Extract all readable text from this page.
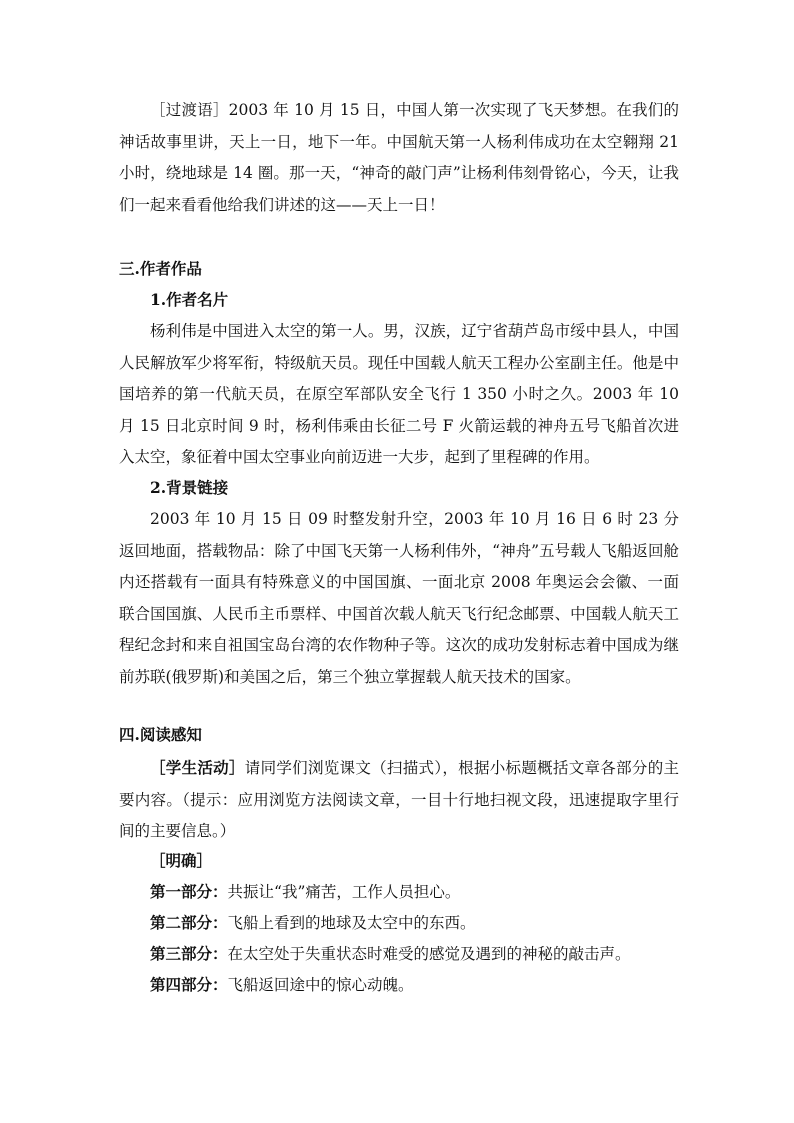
［过渡语］2003 年 10 月 15 日，中国人第一次实现了飞天梦想。在我们的神话故事里讲，天上一日，地下一年。中国航天第一人杨利伟成功在太空翱翔 21 小时，绕地球是 14 圈。那一天，“神奇的敲门声”让杨利伟刻骨铭心，今天，让我们一起来看看他给我们讲述的这——天上一日！
三.作者作品
1.作者名片
杨利伟是中国进入太空的第一人。男，汉族，辽宁省葫芦岛市绥中县人，中国人民解放军少将军衔，特级航天员。现任中国载人航天工程办公室副主任。他是中国培养的第一代航天员，在原空军部队安全飞行 1 350 小时之久。2003 年 10 月 15 日北京时间 9 时，杨利伟乘由长征二号 F 火箭运载的神舟五号飞船首次进入太空，象征着中国太空事业向前迈进一大步，起到了里程碑的作用。
2.背景链接
2003 年 10 月 15 日 09 时整发射升空，2003 年 10 月 16 日 6 时 23 分返回地面，搭载物品：除了中国飞天第一人杨利伟外，“神舟”五号载人飞船返回舱内还搭载有一面具有特殊意义的中国国旗、一面北京 2008 年奥运会会徽、一面联合国国旗、人民币主币票样、中国首次载人航天飞行纪念邮票、中国载人航天工程纪念封和来自祖国宝岛台湾的农作物种子等。这次的成功发射标志着中国成为继前苏联(俄罗斯)和美国之后，第三个独立掌握载人航天技术的国家。
四.阅读感知
［学生活动］请同学们浏览课文（扫描式），根据小标题概括文章各部分的主要内容。（提示：应用浏览方法阅读文章，一目十行地扫视文段，迅速提取字里行间的主要信息。）
［明确］
第一部分：共振让“我”痛苦，工作人员担心。
第二部分：飞船上看到的地球及太空中的东西。
第三部分：在太空处于失重状态时难受的感觉及遇到的神秘的敲击声。
第四部分：飞船返回途中的惊心动魄。
